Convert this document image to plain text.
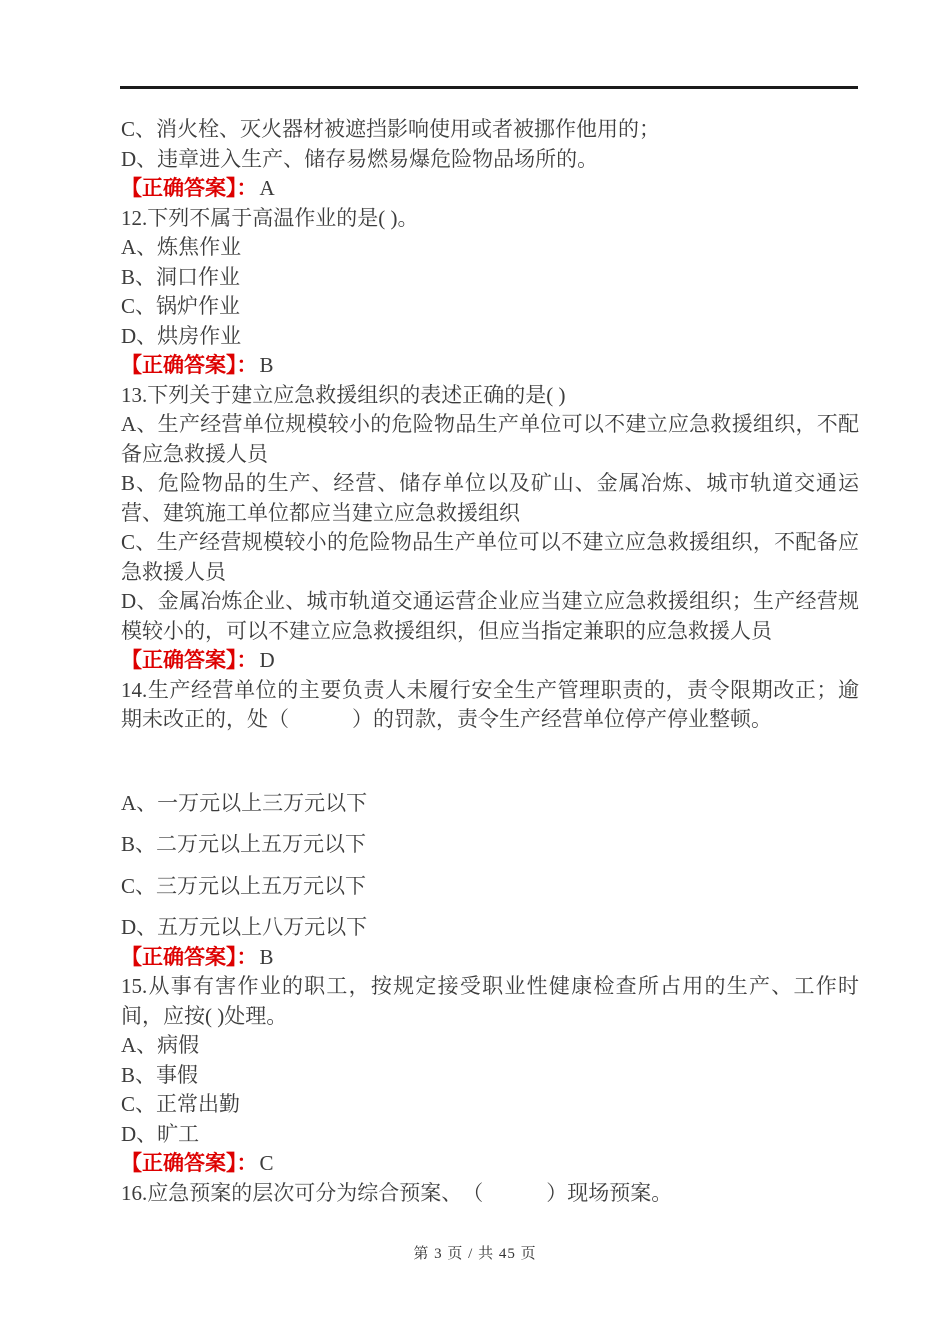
C、消火栓、灭火器材被遮挡影响使用或者被挪作他用的；

D、违章进入生产、储存易燃易爆危险物品场所的。

【正确答案】：A

12.下列不属于高温作业的是( )。

A、炼焦作业

B、洞口作业

C、锅炉作业

D、烘房作业

【正确答案】：B

13.下列关于建立应急救援组织的表述正确的是( )

A、生产经营单位规模较小的危险物品生产单位可以不建立应急救援组织，不配备应急救援人员

B、危险物品的生产、经营、储存单位以及矿山、金属冶炼、城市轨道交通运营、建筑施工单位都应当建立应急救援组织

C、生产经营规模较小的危险物品生产单位可以不建立应急救援组织，不配备应急救援人员

D、金属冶炼企业、城市轨道交通运营企业应当建立应急救援组织；生产经营规模较小的，可以不建立应急救援组织，但应当指定兼职的应急救援人员

【正确答案】：D

14.生产经营单位的主要负责人未履行安全生产管理职责的，责令限期改正；逾期未改正的，处（　　　）的罚款，责令生产经营单位停产停业整顿。

A、一万元以上三万元以下

B、二万元以上五万元以下

C、三万元以上五万元以下

D、五万元以上八万元以下

【正确答案】：B

15.从事有害作业的职工，按规定接受职业性健康检查所占用的生产、工作时间，应按( )处理。

A、病假

B、事假

C、正常出勤

D、旷工

【正确答案】：C

16.应急预案的层次可分为综合预案、　（　　　）现场预案。

第 3 页 / 共 45 页
